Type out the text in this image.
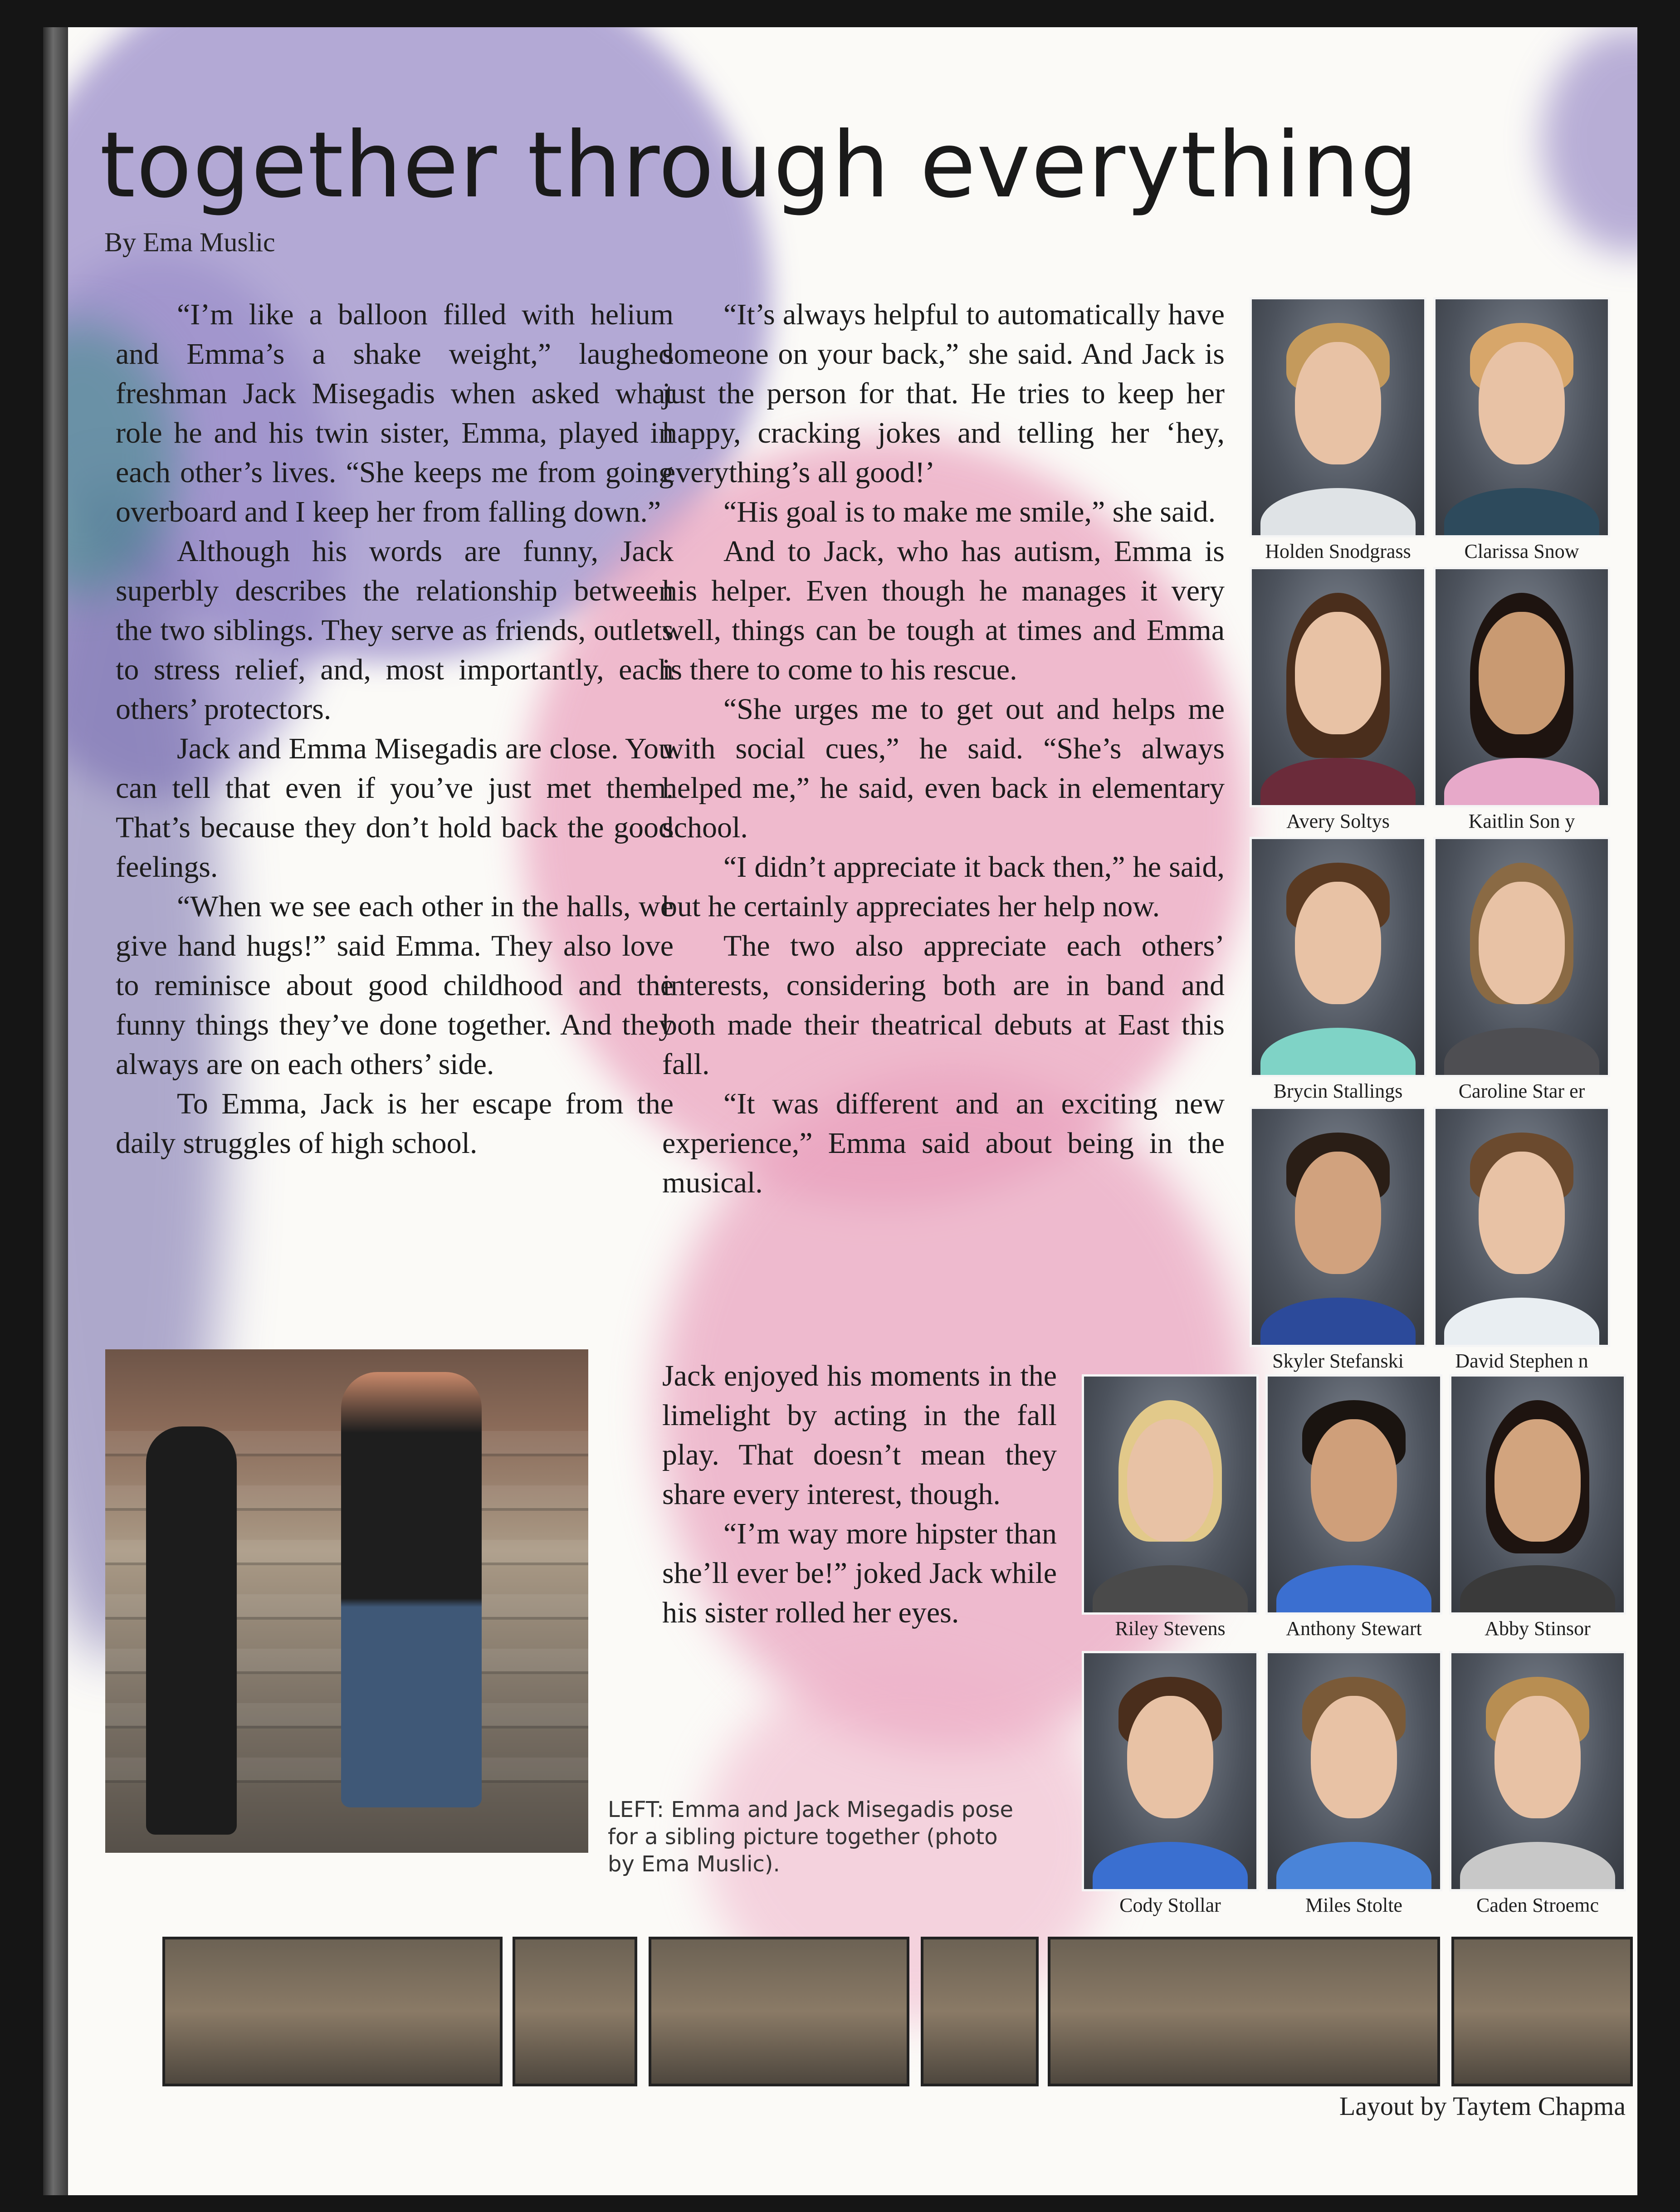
together through everything
By Ema Muslic

“I’m like a balloon filled with helium and Emma’s a shake weight,” laughed freshman Jack Misegadis when asked what role he and his twin sister, Emma, played in each other’s lives. “She keeps me from going overboard and I keep her from falling down.”

Although his words are funny, Jack superbly describes the relationship between the two siblings. They serve as friends, outlets to stress relief, and, most importantly, each others’ protectors.

Jack and Emma Misegadis are close. You can tell that even if you’ve just met them. That’s because they don’t hold back the good feelings.

“When we see each other in the halls, we give hand hugs!” said Emma. They also love to reminisce about good childhood and the funny things they’ve done together. And they always are on each others’ side.

To Emma, Jack is her escape from the daily struggles of high school.

“It’s always helpful to automatically have someone on your back,” she said. And Jack is just the person for that. He tries to keep her happy, cracking jokes and telling her ‘hey, everything’s all good!’

“His goal is to make me smile,” she said.

And to Jack, who has autism, Emma is his helper. Even though he manages it very well, things can be tough at times and Emma is there to come to his rescue.

“She urges me to get out and helps me with social cues,” he said. “She’s always helped me,” he said, even back in elementary school.

“I didn’t appreciate it back then,” he said, but he certainly appreciates her help now.

The two also appreciate each others’ interests, considering both are in band and both made their theatrical debuts at East this fall.

“It was different and an exciting new experience,” Emma said about being in the musical.

Jack enjoyed his moments in the limelight by acting in the fall play. That doesn’t mean they share every interest, though.

“I’m way more hipster than she’ll ever be!” joked Jack while his sister rolled her eyes.

LEFT: Emma and Jack Misegadis pose for a sibling picture together (photo by Ema Muslic).
Holden Snodgrass	Clarissa Snow
Avery Soltys	Kaitlin Son y
Brycin Stallings	Caroline Star er
Skyler Stefanski	David Stephen n
Riley Stevens	Anthony Stewart	Abby Stinsor
Cody Stollar	Miles Stolte	Caden Stroemc
Layout by Taytem Chapma
